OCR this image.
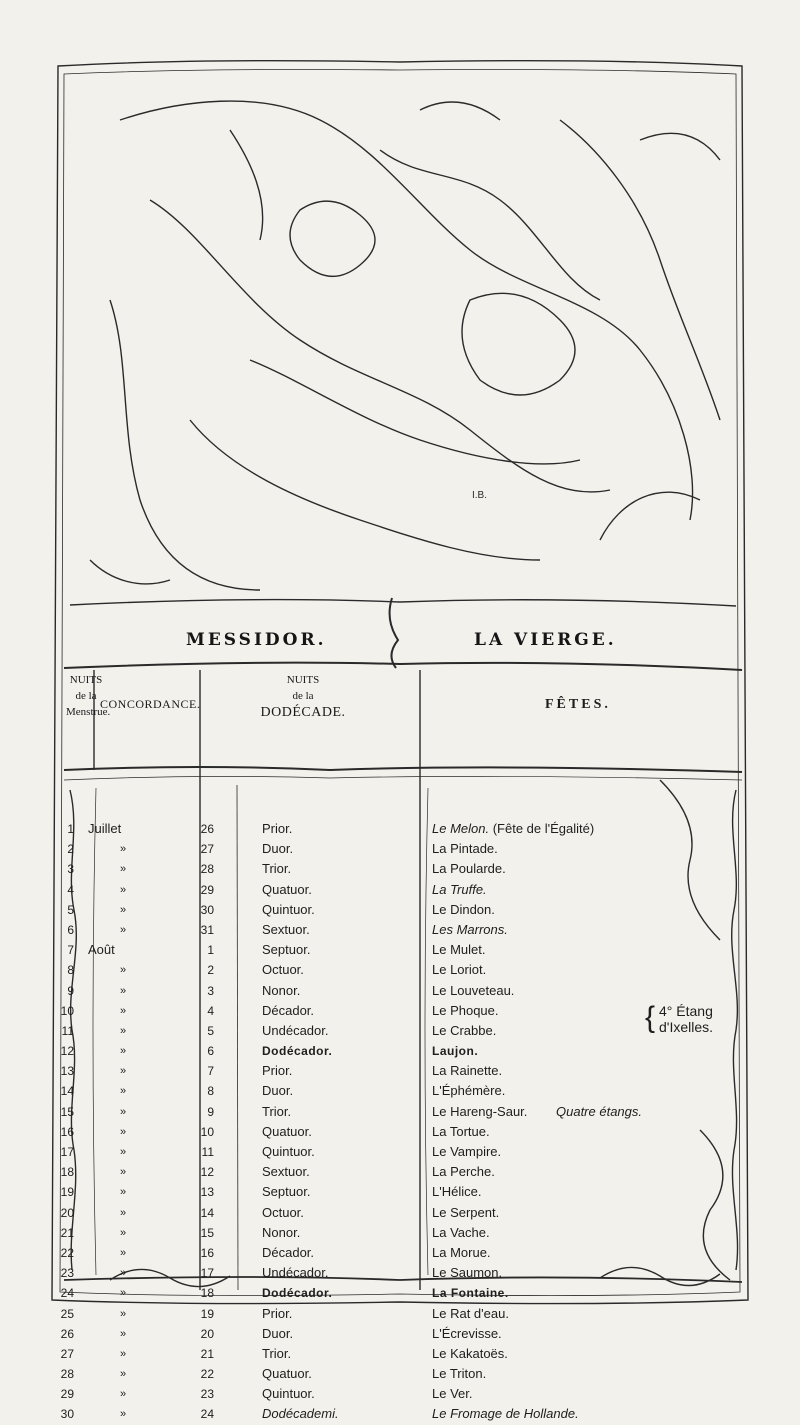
I.B.
MESSIDOR.	LA VIERGE.
NUITS
de la
Menstrue.
CONCORDANCE.
NUITS
de la
DODÉCADE.
FÊTES.
1 Juillet	26	Prior.	Le Melon. (Fête de l'Égalité)
2	»	27	Duor.	La Pintade.
3	»	28	Trior.	La Poularde.
4	»	29	Quatuor.	La Truffe.
5	»	30	Quintuor.	Le Dindon.
6	»	31	Sextuor.	Les Marrons.
7 Août	1	Septuor.	Le Mulet.
8	»	2	Octuor.	Le Loriot.
9	»	3	Nonor.	Le Louveteau.
10	»	4	Décador.	Le Phoque.
11	»	5	Undécador.	Le Crabbe.
12	»	6	Dodécador.	Laujon.
13	»	7	Prior.	La Rainette.
14	»	8	Duor.	L'Éphémère.
15	»	9	Trior.	Le Hareng-Saur. Quatre étangs.
16	»	10	Quatuor.	La Tortue.
17	»	11	Quintuor.	Le Vampire.
18	»	12	Sextuor.	La Perche.
19	»	13	Septuor.	L'Hélice.
20	»	14	Octuor.	Le Serpent.
21	»	15	Nonor.	La Vache.
22	»	16	Décador.	La Morue.
23	»	17	Undécador.	Le Saumon.
24	»	18	Dodécador.	La Fontaine.
25	»	19	Prior.	Le Rat d'eau.
26	»	20	Duor.	L'Écrevisse.
27	»	21	Trior.	Le Kakatoës.
28	»	22	Quatuor.	Le Triton.
29	»	23	Quintuor.	Le Ver.
30	»	24	Dodécademi.	Le Fromage de Hollande.
{ 4° Étang
d'Ixelles.
